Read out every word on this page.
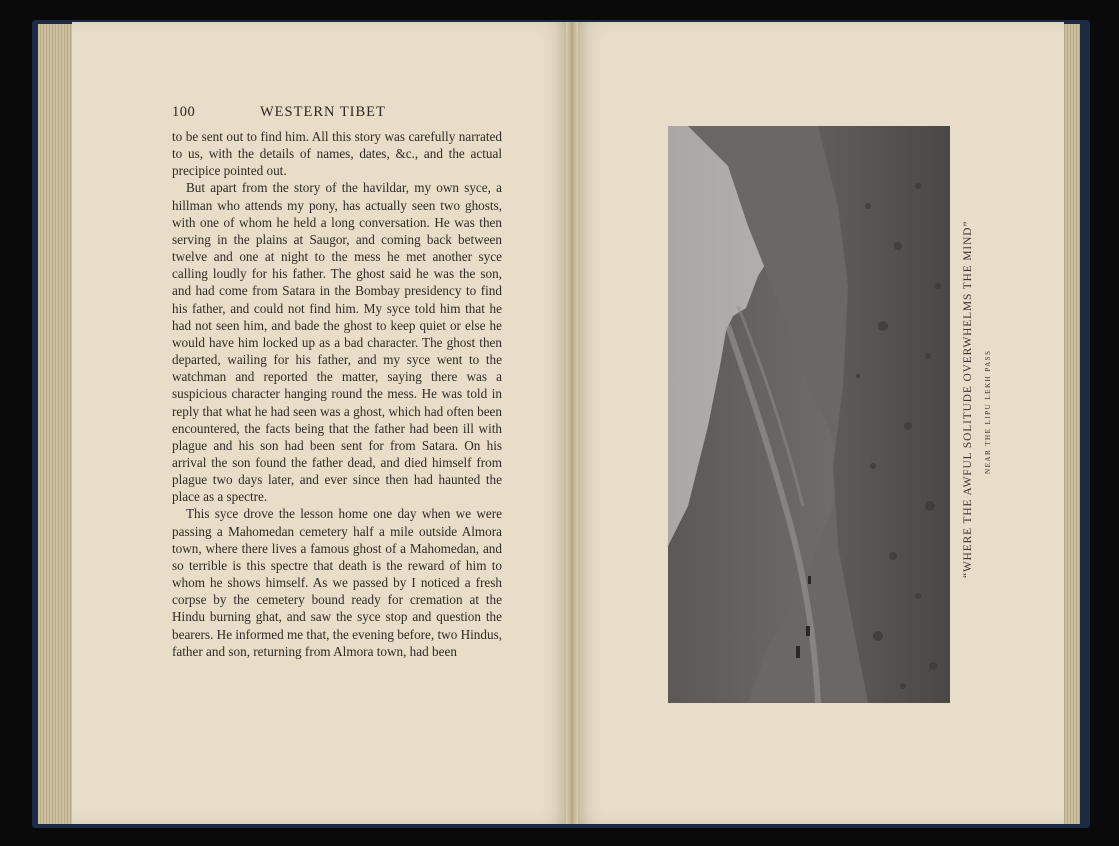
100	WESTERN TIBET

to be sent out to find him. All this story was carefully narrated to us, with the details of names, dates, &c., and the actual precipice pointed out.

But apart from the story of the havildar, my own syce, a hillman who attends my pony, has actually seen two ghosts, with one of whom he held a long conversation. He was then serving in the plains at Saugor, and coming back between twelve and one at night to the mess he met another syce calling loudly for his father. The ghost said he was the son, and had come from Satara in the Bombay presidency to find his father, and could not find him. My syce told him that he had not seen him, and bade the ghost to keep quiet or else he would have him locked up as a bad character. The ghost then departed, wailing for his father, and my syce went to the watchman and reported the matter, saying there was a suspicious character hanging round the mess. He was told in reply that what he had seen was a ghost, which had often been encountered, the facts being that the father had been ill with plague and his son had been sent for from Satara. On his arrival the son found the father dead, and died himself from plague two days later, and ever since then had haunted the place as a spectre.

This syce drove the lesson home one day when we were passing a Mahomedan cemetery half a mile outside Almora town, where there lives a famous ghost of a Mahomedan, and so terrible is this spectre that death is the reward of him to whom he shows himself. As we passed by I noticed a fresh corpse by the cemetery bound ready for cremation at the Hindu burning ghat, and saw the syce stop and question the bearers. He informed me that, the evening before, two Hindus, father and son, returning from Almora town, had been

“WHERE THE AWFUL SOLITUDE OVERWHELMS THE MIND” NEAR THE LIPU LEKH PASS
